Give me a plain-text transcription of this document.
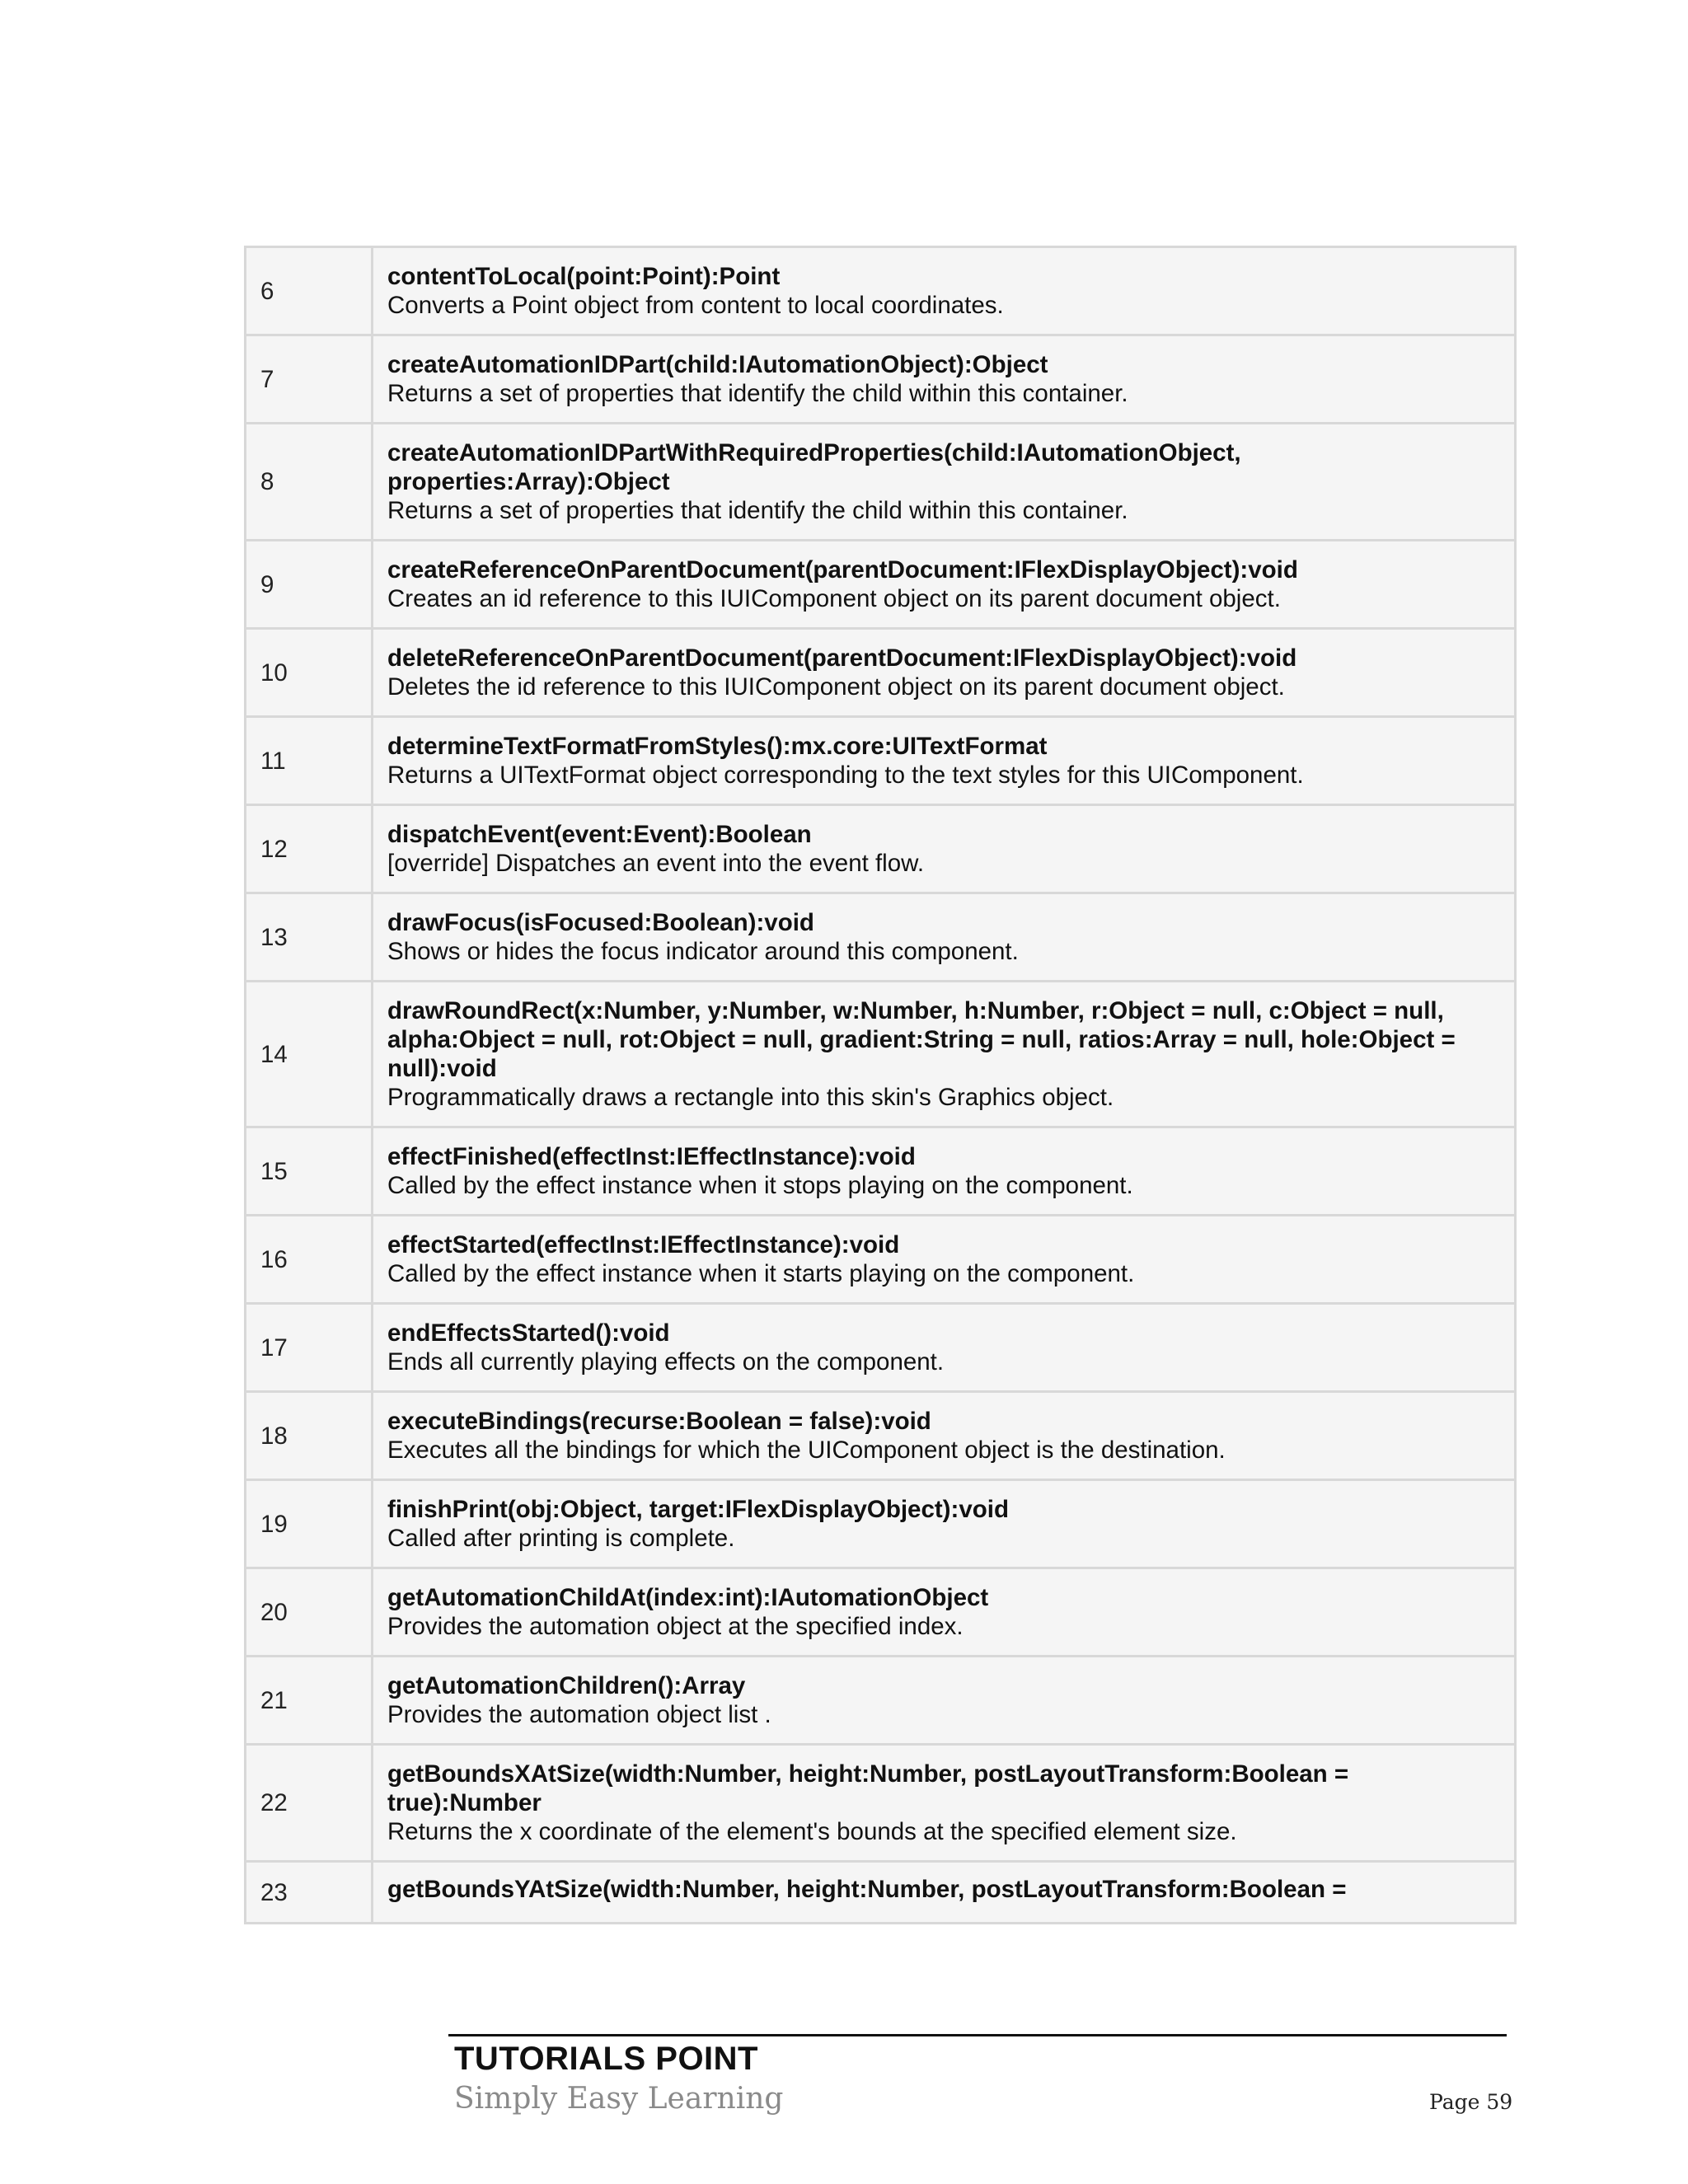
6	contentToLocal(point:Point):Point
Converts a Point object from content to local coordinates.

7	createAutomationIDPart(child:IAutomationObject):Object
Returns a set of properties that identify the child within this container.

8	createAutomationIDPartWithRequiredProperties(child:IAutomationObject, properties:Array):Object
Returns a set of properties that identify the child within this container.

9	createReferenceOnParentDocument(parentDocument:IFlexDisplayObject):void
Creates an id reference to this IUIComponent object on its parent document object.

10	deleteReferenceOnParentDocument(parentDocument:IFlexDisplayObject):void
Deletes the id reference to this IUIComponent object on its parent document object.

11	determineTextFormatFromStyles():mx.core:UITextFormat
Returns a UITextFormat object corresponding to the text styles for this UIComponent.

12	dispatchEvent(event:Event):Boolean
[override] Dispatches an event into the event flow.

13	drawFocus(isFocused:Boolean):void
Shows or hides the focus indicator around this component.

14	drawRoundRect(x:Number, y:Number, w:Number, h:Number, r:Object = null, c:Object = null, alpha:Object = null, rot:Object = null, gradient:String = null, ratios:Array = null, hole:Object = null):void
Programmatically draws a rectangle into this skin's Graphics object.

15	effectFinished(effectInst:IEffectInstance):void
Called by the effect instance when it stops playing on the component.

16	effectStarted(effectInst:IEffectInstance):void
Called by the effect instance when it starts playing on the component.

17	endEffectsStarted():void
Ends all currently playing effects on the component.

18	executeBindings(recurse:Boolean = false):void
Executes all the bindings for which the UIComponent object is the destination.

19	finishPrint(obj:Object, target:IFlexDisplayObject):void
Called after printing is complete.

20	getAutomationChildAt(index:int):IAutomationObject
Provides the automation object at the specified index.

21	getAutomationChildren():Array
Provides the automation object list .

22	getBoundsXAtSize(width:Number, height:Number, postLayoutTransform:Boolean = true):Number
Returns the x coordinate of the element's bounds at the specified element size.

23	getBoundsYAtSize(width:Number, height:Number, postLayoutTransform:Boolean =
TUTORIALS POINT
Simply Easy Learning	Page 59
